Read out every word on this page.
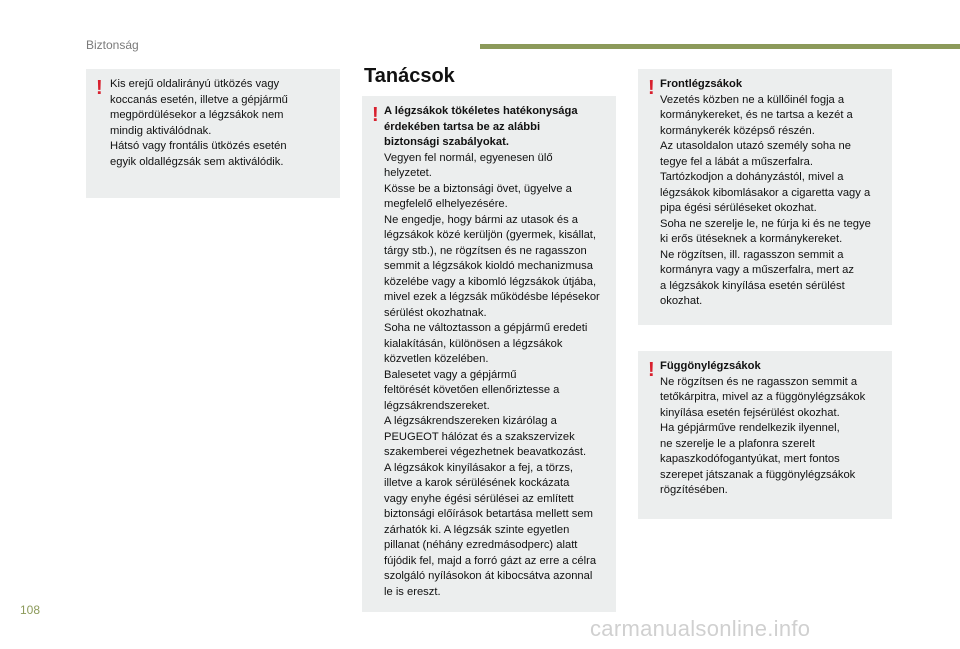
Biztonság
! Kis erejű oldalirányú ütközés vagy
koccanás esetén, illetve a gépjármű
megpördülésekor a légzsákok nem
mindig aktiválódnak.
Hátsó vagy frontális ütközés esetén
egyik oldallégzsák sem aktiválódik.
Tanácsok
! A légzsákok tökéletes hatékonysága
érdekében tartsa be az alábbi
biztonsági szabályokat.
Vegyen fel normál, egyenesen ülő
helyzetet.
Kösse be a biztonsági övet, ügyelve a
megfelelő elhelyezésére.
Ne engedje, hogy bármi az utasok és a
légzsákok közé kerüljön (gyermek, kisállat,
tárgy stb.), ne rögzítsen és ne ragasszon
semmit a légzsákok kioldó mechanizmusa
közelébe vagy a kibomló légzsákok útjába,
mivel ezek a légzsák működésbe lépésekor
sérülést okozhatnak.
Soha ne változtasson a gépjármű eredeti
kialakításán, különösen a légzsákok
közvetlen közelében.
Balesetet vagy a gépjármű
feltörését követően ellenőriztesse a
légzsákrendszereket.
A légzsákrendszereken kizárólag a
PEUGEOT hálózat és a szakszervizek
szakemberei végezhetnek beavatkozást.
A légzsákok kinyílásakor a fej, a törzs,
illetve a karok sérülésének kockázata
vagy enyhe égési sérülései az említett
biztonsági előírások betartása mellett sem
zárhatók ki. A légzsák szinte egyetlen
pillanat (néhány ezredmásodperc) alatt
fújódik fel, majd a forró gázt az erre a célra
szolgáló nyílásokon át kibocsátva azonnal
le is ereszt.
! Frontlégzsákok
Vezetés közben ne a küllőinél fogja a
kormánykereket, és ne tartsa a kezét a
kormánykerék középső részén.
Az utasoldalon utazó személy soha ne
tegye fel a lábát a műszerfalra.
Tartózkodjon a dohányzástól, mivel a
légzsákok kibomlásakor a cigaretta vagy a
pipa égési sérüléseket okozhat.
Soha ne szerelje le, ne fúrja ki és ne tegye
ki erős ütéseknek a kormánykereket.
Ne rögzítsen, ill. ragasszon semmit a
kormányra vagy a műszerfalra, mert az
a légzsákok kinyílása esetén sérülést
okozhat.
! Függönylégzsákok
Ne rögzítsen és ne ragasszon semmit a
tetőkárpitra, mivel az a függönylégzsákok
kinyílása esetén fejsérülést okozhat.
Ha gépjárműve rendelkezik ilyennel,
ne szerelje le a plafonra szerelt
kapaszkodófogantyúkat, mert fontos
szerepet játszanak a függönylégzsákok
rögzítésében.
108
carmanualsonline.info
